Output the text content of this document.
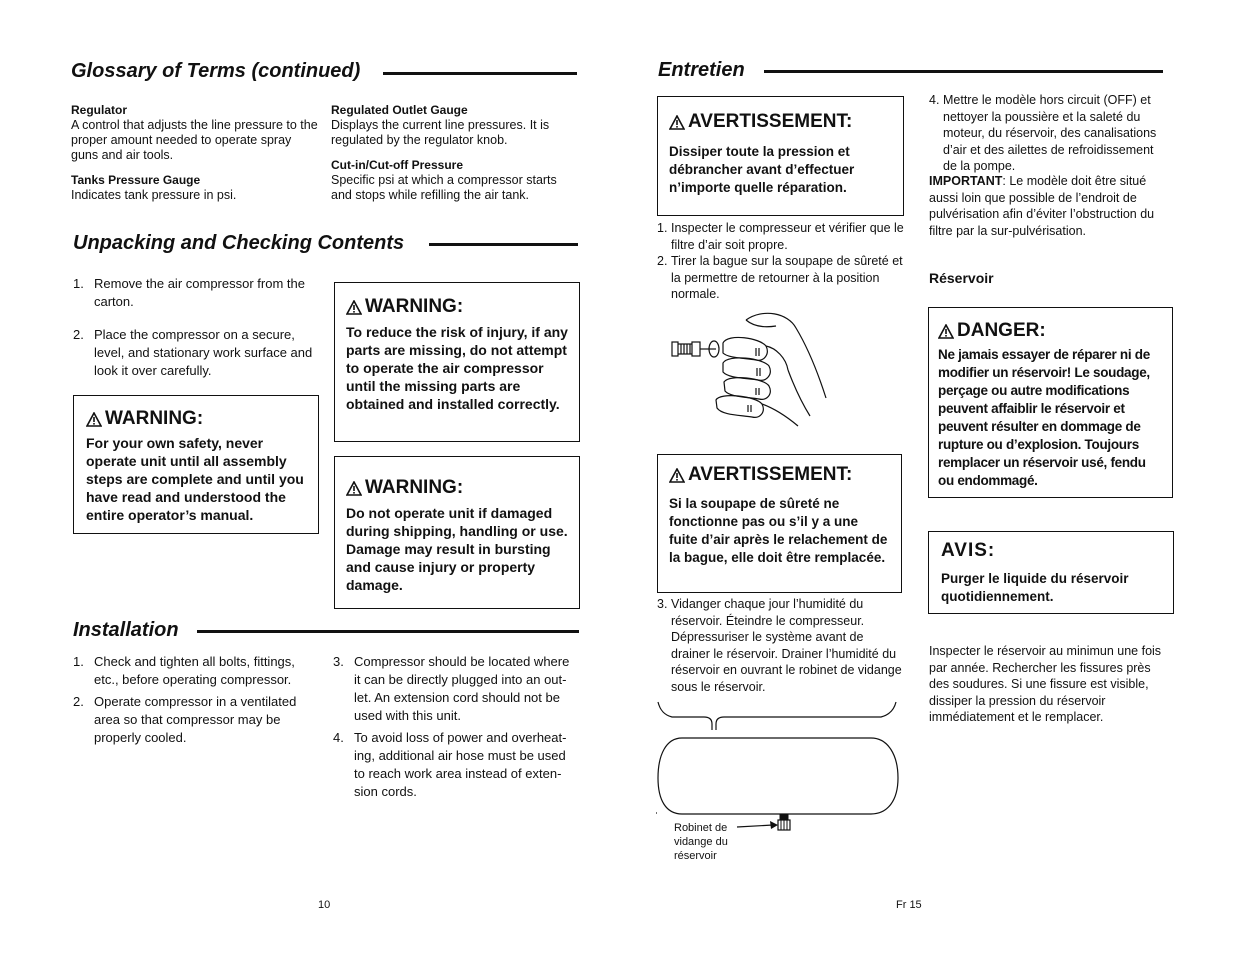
Glossary of Terms (continued)
Regulator
A control that adjusts the line pressure to the proper amount needed to operate spray guns and air tools.
Tanks Pressure Gauge
Indicates tank pressure in psi.
Regulated Outlet Gauge
Displays the current line pressures. It is regulated by the regulator knob.
Cut-in/Cut-off Pressure
Specific psi at which a compressor starts and stops while refilling the air tank.
Unpacking and Checking Contents
1. Remove the air compressor from the carton.
2. Place the compressor on a secure, level, and stationary work surface and look it over carefully.
WARNING:
For your own safety, never operate unit until all assembly steps are complete and until you have read and understood the entire operator’s manual.
WARNING:
To reduce the risk of injury, if any parts are missing, do not attempt to operate the air compressor until the missing parts are obtained and installed correctly.
WARNING:
Do not operate unit if damaged during shipping, handling or use. Damage may result in bursting and cause injury or property damage.
Installation
1. Check and tighten all bolts, fittings, etc., before operating compressor.
2. Operate compressor in a ventilated area so that compressor may be properly cooled.
3. Compressor should be located where it can be directly plugged into an outlet. An extension cord should not be used with this unit.
4. To avoid loss of power and overheating, additional air hose must be used to reach work area instead of extension cords.
10
Entretien
AVERTISSEMENT:
Dissiper toute la pression et débrancher avant d’effectuer n’importe quelle réparation.
1. Inspecter le compresseur et vérifier que le filtre d’air soit propre.
2. Tirer la bague sur la soupape de sûreté et la permettre de retourner à la position normale.
AVERTISSEMENT:
Si la soupape de sûreté ne fonctionne pas ou s’il y a une fuite d’air après le relachement de la bague, elle doit être remplacée.
3. Vidanger chaque jour l’humidité du réservoir. Éteindre le compresseur. Dépressuriser le système avant de drainer le réservoir. Drainer l’humidité du réservoir en ouvrant le robinet de vidange sous le réservoir.
Robinet de
vidange du
réservoir
4. Mettre le modèle hors circuit (OFF) et nettoyer la poussière et la saleté du moteur, du réservoir, des canalisations d’air et des ailettes de refroidissement de la pompe.
IMPORTANT: Le modèle doit être situé aussi loin que possible de l’endroit de pulvérisation afin d’éviter l’obstruction du filtre par la sur-pulvérisation.
Réservoir
DANGER:
Ne jamais essayer de réparer ni de modifier un réservoir! Le soudage, perçage ou autre modifications peuvent affaiblir le réservoir et peuvent résulter en dommage de rupture ou d’explosion. Toujours remplacer un réservoir usé, fendu ou endommagé.
AVIS:
Purger le liquide du réservoir quotidiennement.
Inspecter le réservoir au minimun une fois par année. Rechercher les fissures près des soudures. Si une fissure est visible, dissiper la pression du réservoir immédiatement et le remplacer.
Fr 15
